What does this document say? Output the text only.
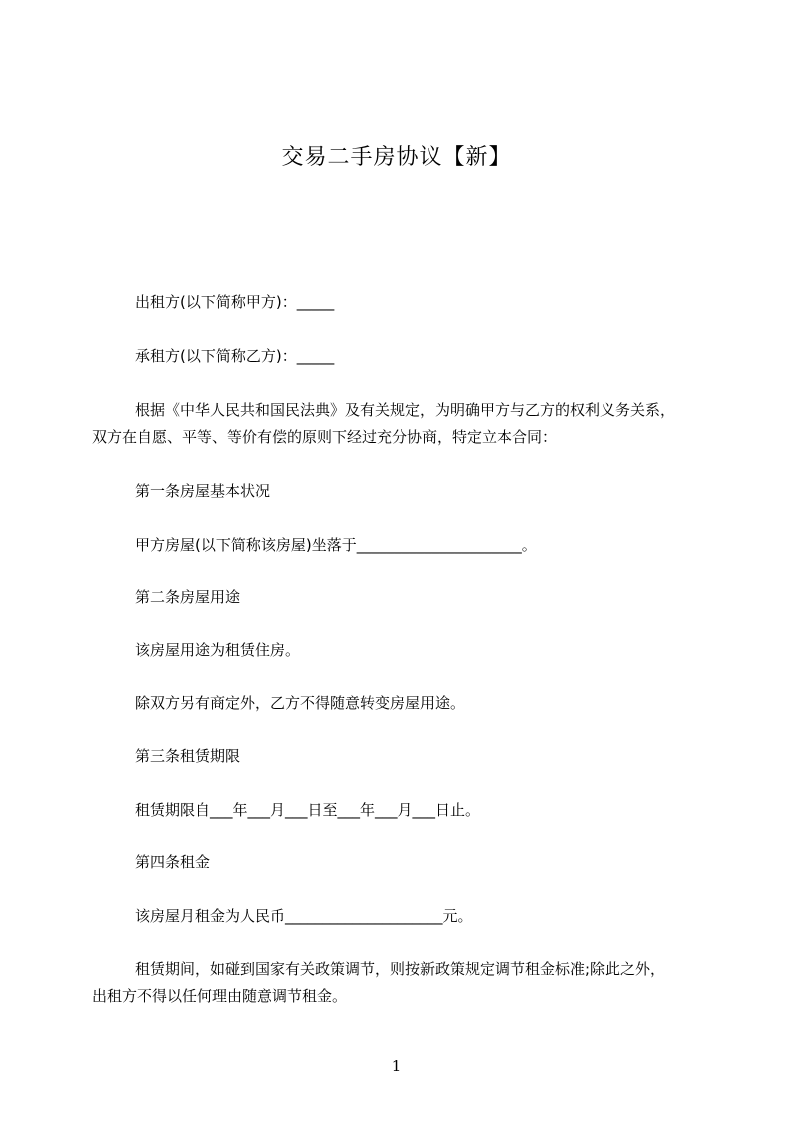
交易二手房协议【新】
出租方(以下简称甲方)：_____
承租方(以下简称乙方)：_____
根据《中华人民共和国民法典》及有关规定，为明确甲方与乙方的权利义务关系，
双方在自愿、平等、等价有偿的原则下经过充分协商，特定立本合同：
第一条房屋基本状况
甲方房屋(以下简称该房屋)坐落于______________________。
第二条房屋用途
该房屋用途为租赁住房。
除双方另有商定外，乙方不得随意转变房屋用途。
第三条租赁期限
租赁期限自___年___月___日至___年___月___日止。
第四条租金
该房屋月租金为人民币_____________________元。
租赁期间，如碰到国家有关政策调节，则按新政策规定调节租金标准;除此之外，
出租方不得以任何理由随意调节租金。
1
